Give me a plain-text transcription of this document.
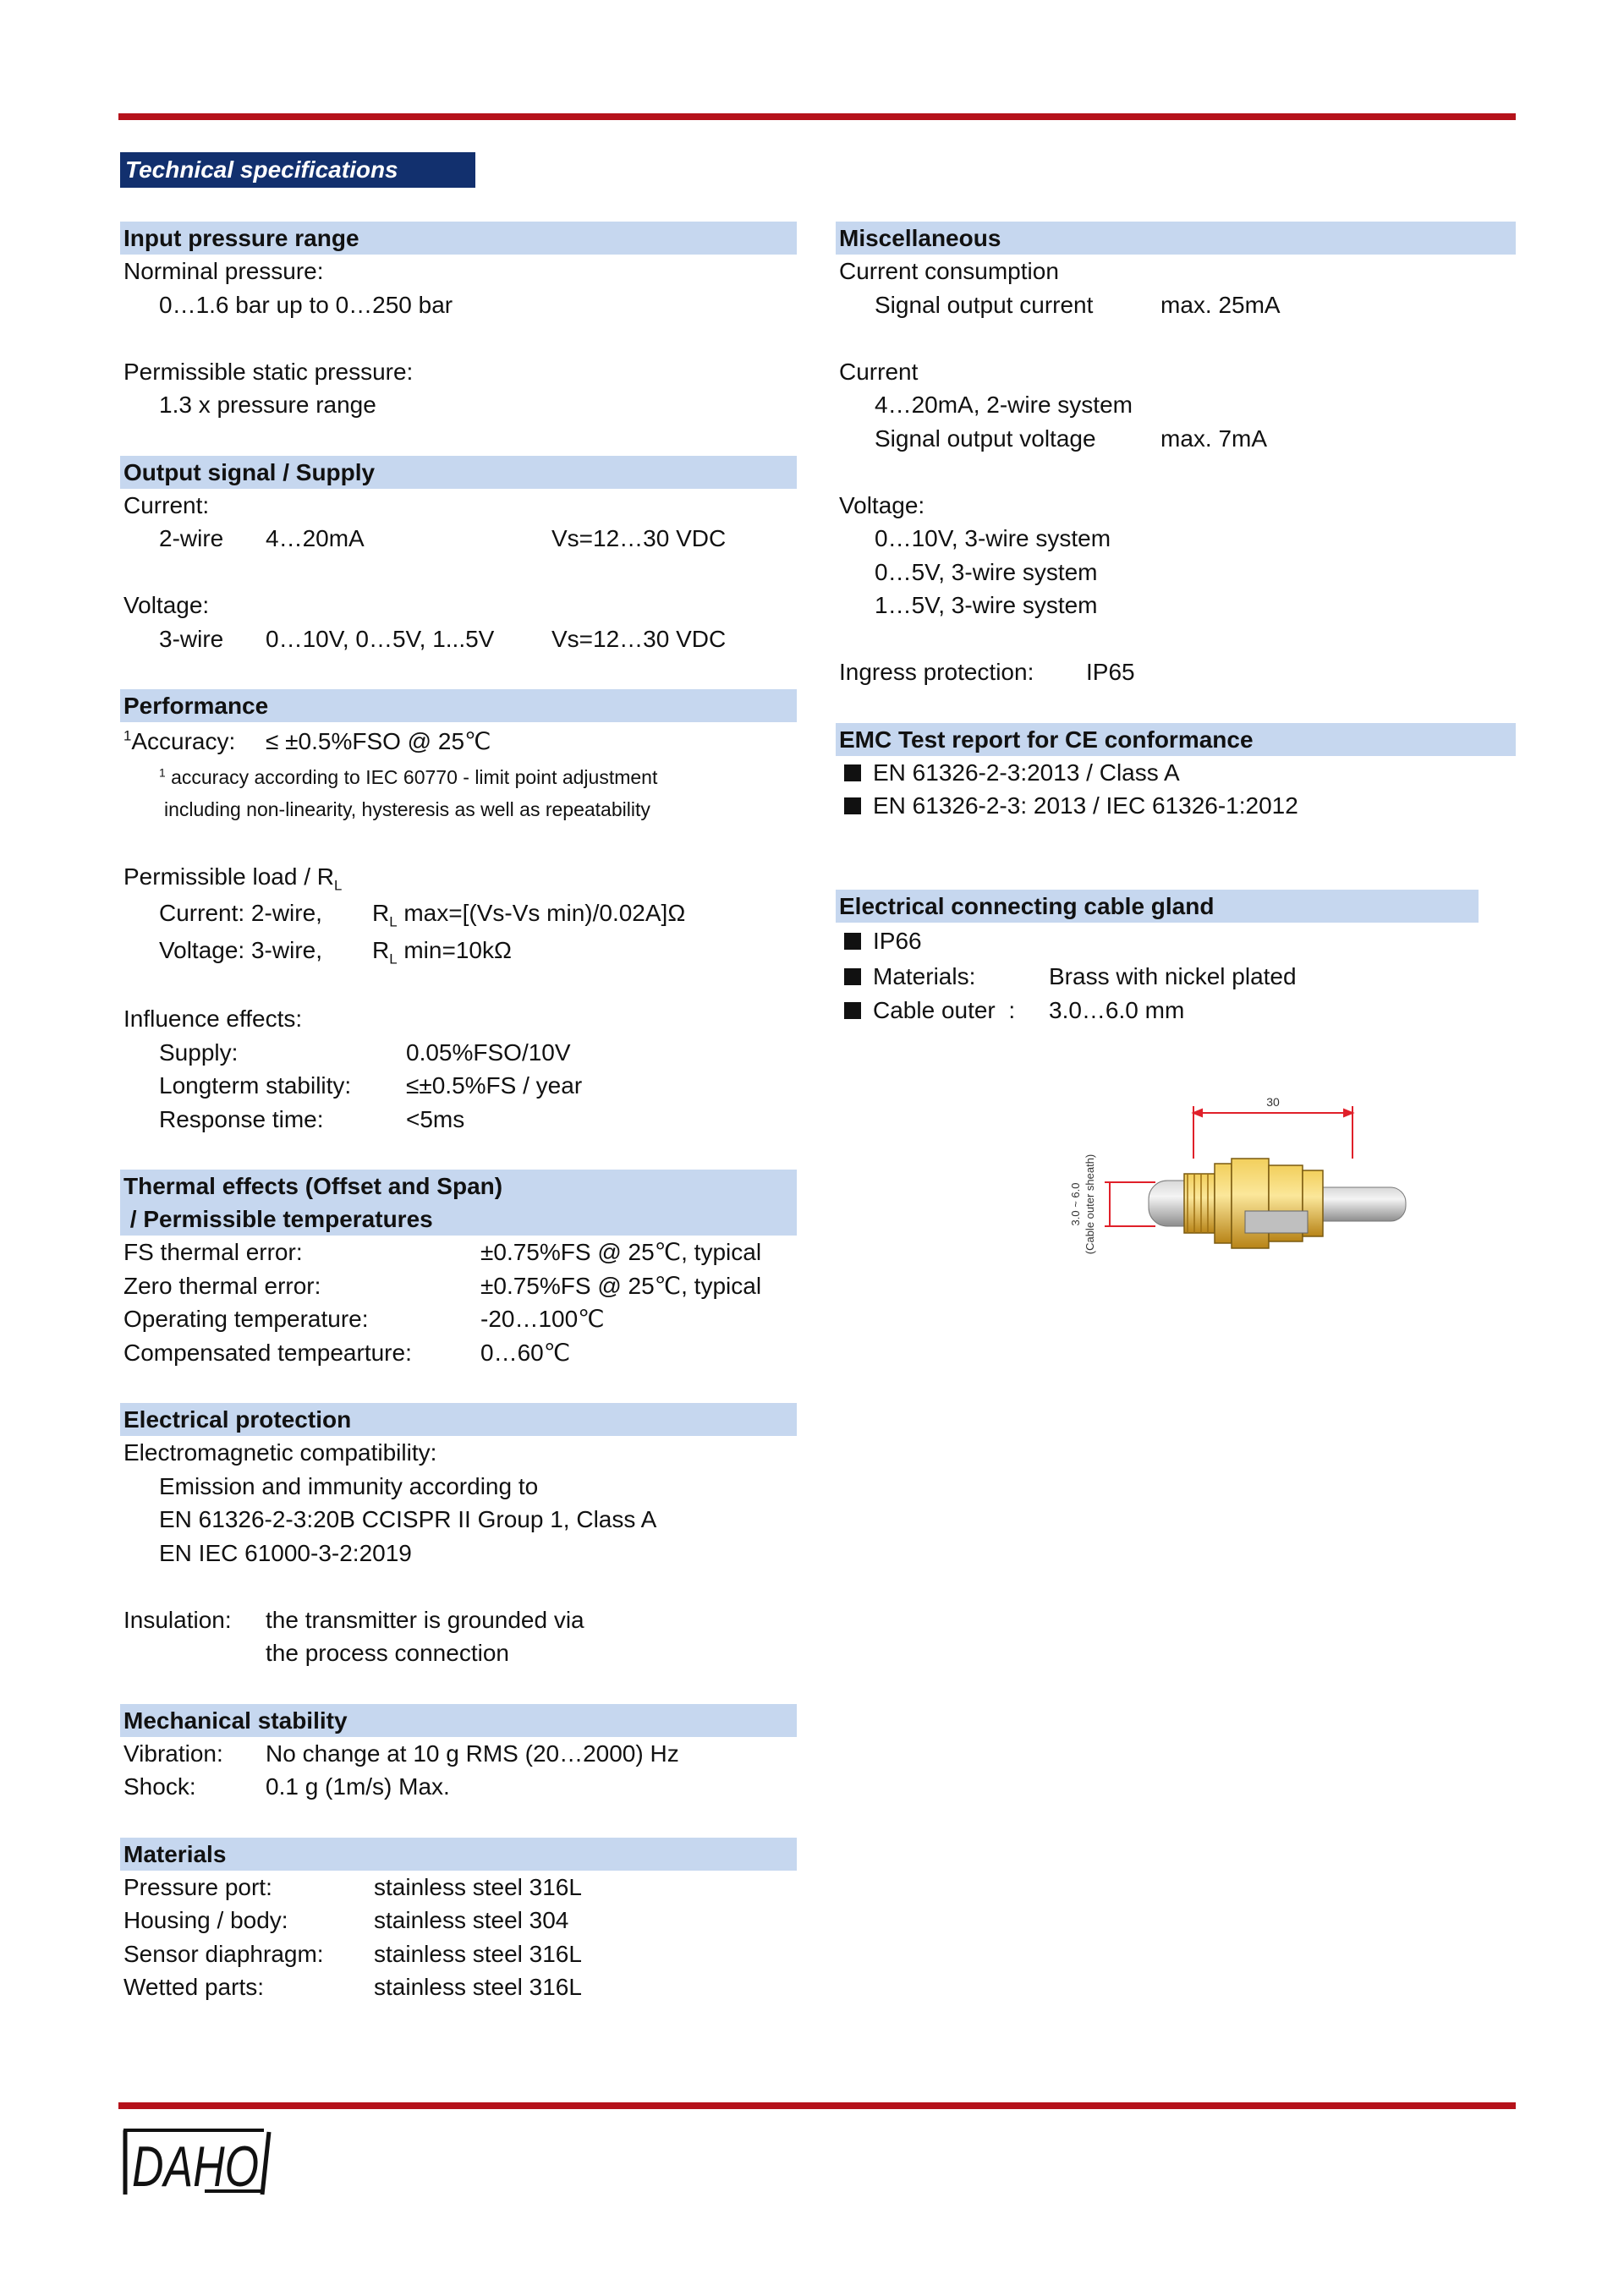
Technical specifications
Input pressure range
Norminal pressure:
0…1.6 bar up to 0…250 bar
Permissible static pressure:
1.3 x pressure range
Output signal / Supply
Current:
2-wire 4…20mA	Vs=12…30 VDC
Voltage:
3-wire 0…10V, 0…5V, 1...5V Vs=12…30 VDC
Performance
$^1$Accuracy: ≤ ±0.5%FSO @ 25℃
$^1$ accuracy according to IEC 60770 - limit point adjustment
including non-linearity, hysteresis as well as repeatability
Permissible load / $R_L$
Current: 2-wire, $R_L$ max=[(Vs-Vs min)/0.02A]Ω
Voltage: 3-wire, $R_L$ min=10kΩ
Influence effects:
Supply:	0.05%FSO/10V
Longterm stability: ≤±0.5%FS / year
Response time:	<5ms
Thermal effects (Offset and Span)
/ Permissible temperatures
FS thermal error:	±0.75%FS @ 25℃, typical
Zero thermal error:	±0.75%FS @ 25℃, typical
Operating temperature:	-20…100℃
Compensated tempearture:	0…60℃
Electrical protection
Electromagnetic compatibility:
Emission and immunity according to
EN 61326-2-3:20B CCISPR II Group 1, Class A
EN IEC 61000-3-2:2019
Insulation: the transmitter is grounded via
the process connection

Mechanical stability
Vibration: No change at 10 g RMS (20…2000) Hz
Shock:	0.1 g (1m/s) Max.
Materials
Pressure port:	stainless steel 316L
Housing / body:	stainless steel 304
Sensor diaphragm: stainless steel 316L
Wetted parts:	stainless steel 316L
Miscellaneous
Current consumption
Signal output current	max. 25mA
Current
4…20mA, 2-wire system
Signal output voltage	max. 7mA
Voltage:
0…10V, 3-wire system
0…5V, 3-wire system
1…5V, 3-wire system
Ingress protection: IP65
EMC Test report for CE conformance
EN 61326-2-3:2013 / Class A
EN 61326-2-3: 2013 / IEC 61326-1:2012
Electrical connecting cable gland
IP66
Materials:	Brass with nickel plated
Cable outer  : 3.0…6.0 mm
30
3.0 ~ 6.0 (Cable outer sheath)
DAHO
